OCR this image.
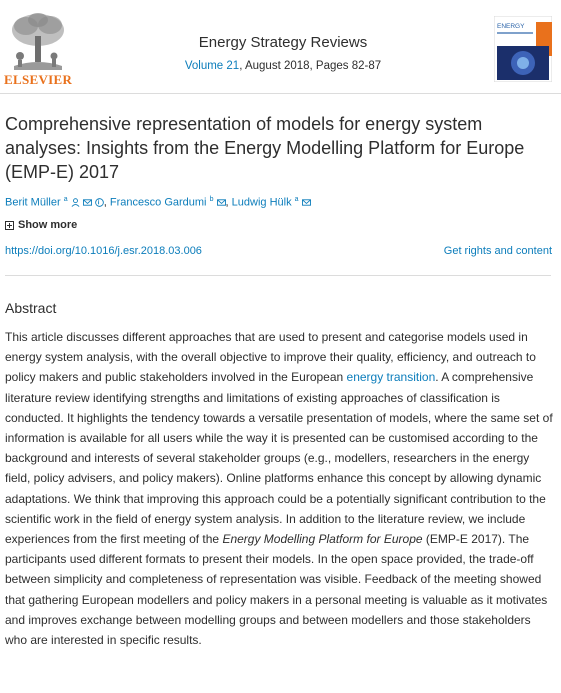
ELSEVIER
Energy Strategy Reviews
Volume 21, August 2018, Pages 82-87
ENERGY
Comprehensive representation of models for energy system analyses: Insights from the Energy Modelling Platform for Europe (EMP-E) 2017
Berit Müller $^a$	, Francesco Gardumi $^b$ , Ludwig Hülk $^a$
Show more
https://doi.org/10.1016/j.esr.2018.03.006	Get rights and content
Abstract
This article discusses different approaches that are used to present and categorise models used in energy system analysis, with the overall objective to improve their quality, efficiency, and outreach to policy makers and public stakeholders involved in the European energy transition. A comprehensive literature review identifying strengths and limitations of existing approaches of classification is conducted. It highlights the tendency towards a versatile presentation of models, where the same set of information is available for all users while the way it is presented can be customised according to the background and interests of several stakeholder groups (e.g., modellers, researchers in the energy field, policy advisers, and policy makers). Online platforms enhance this concept by allowing dynamic adaptations. We think that improving this approach could be a potentially significant contribution to the scientific work in the field of energy system analysis. In addition to the literature review, we include experiences from the first meeting of the Energy Modelling Platform for Europe (EMP-E 2017). The participants used different formats to present their models. In the open space provided, the trade-off between simplicity and completeness of representation was visible. Feedback of the meeting showed that gathering European modellers and policy makers in a personal meeting is valuable as it motivates and improves exchange between modelling groups and between modellers and those stakeholders who are interested in specific results.
